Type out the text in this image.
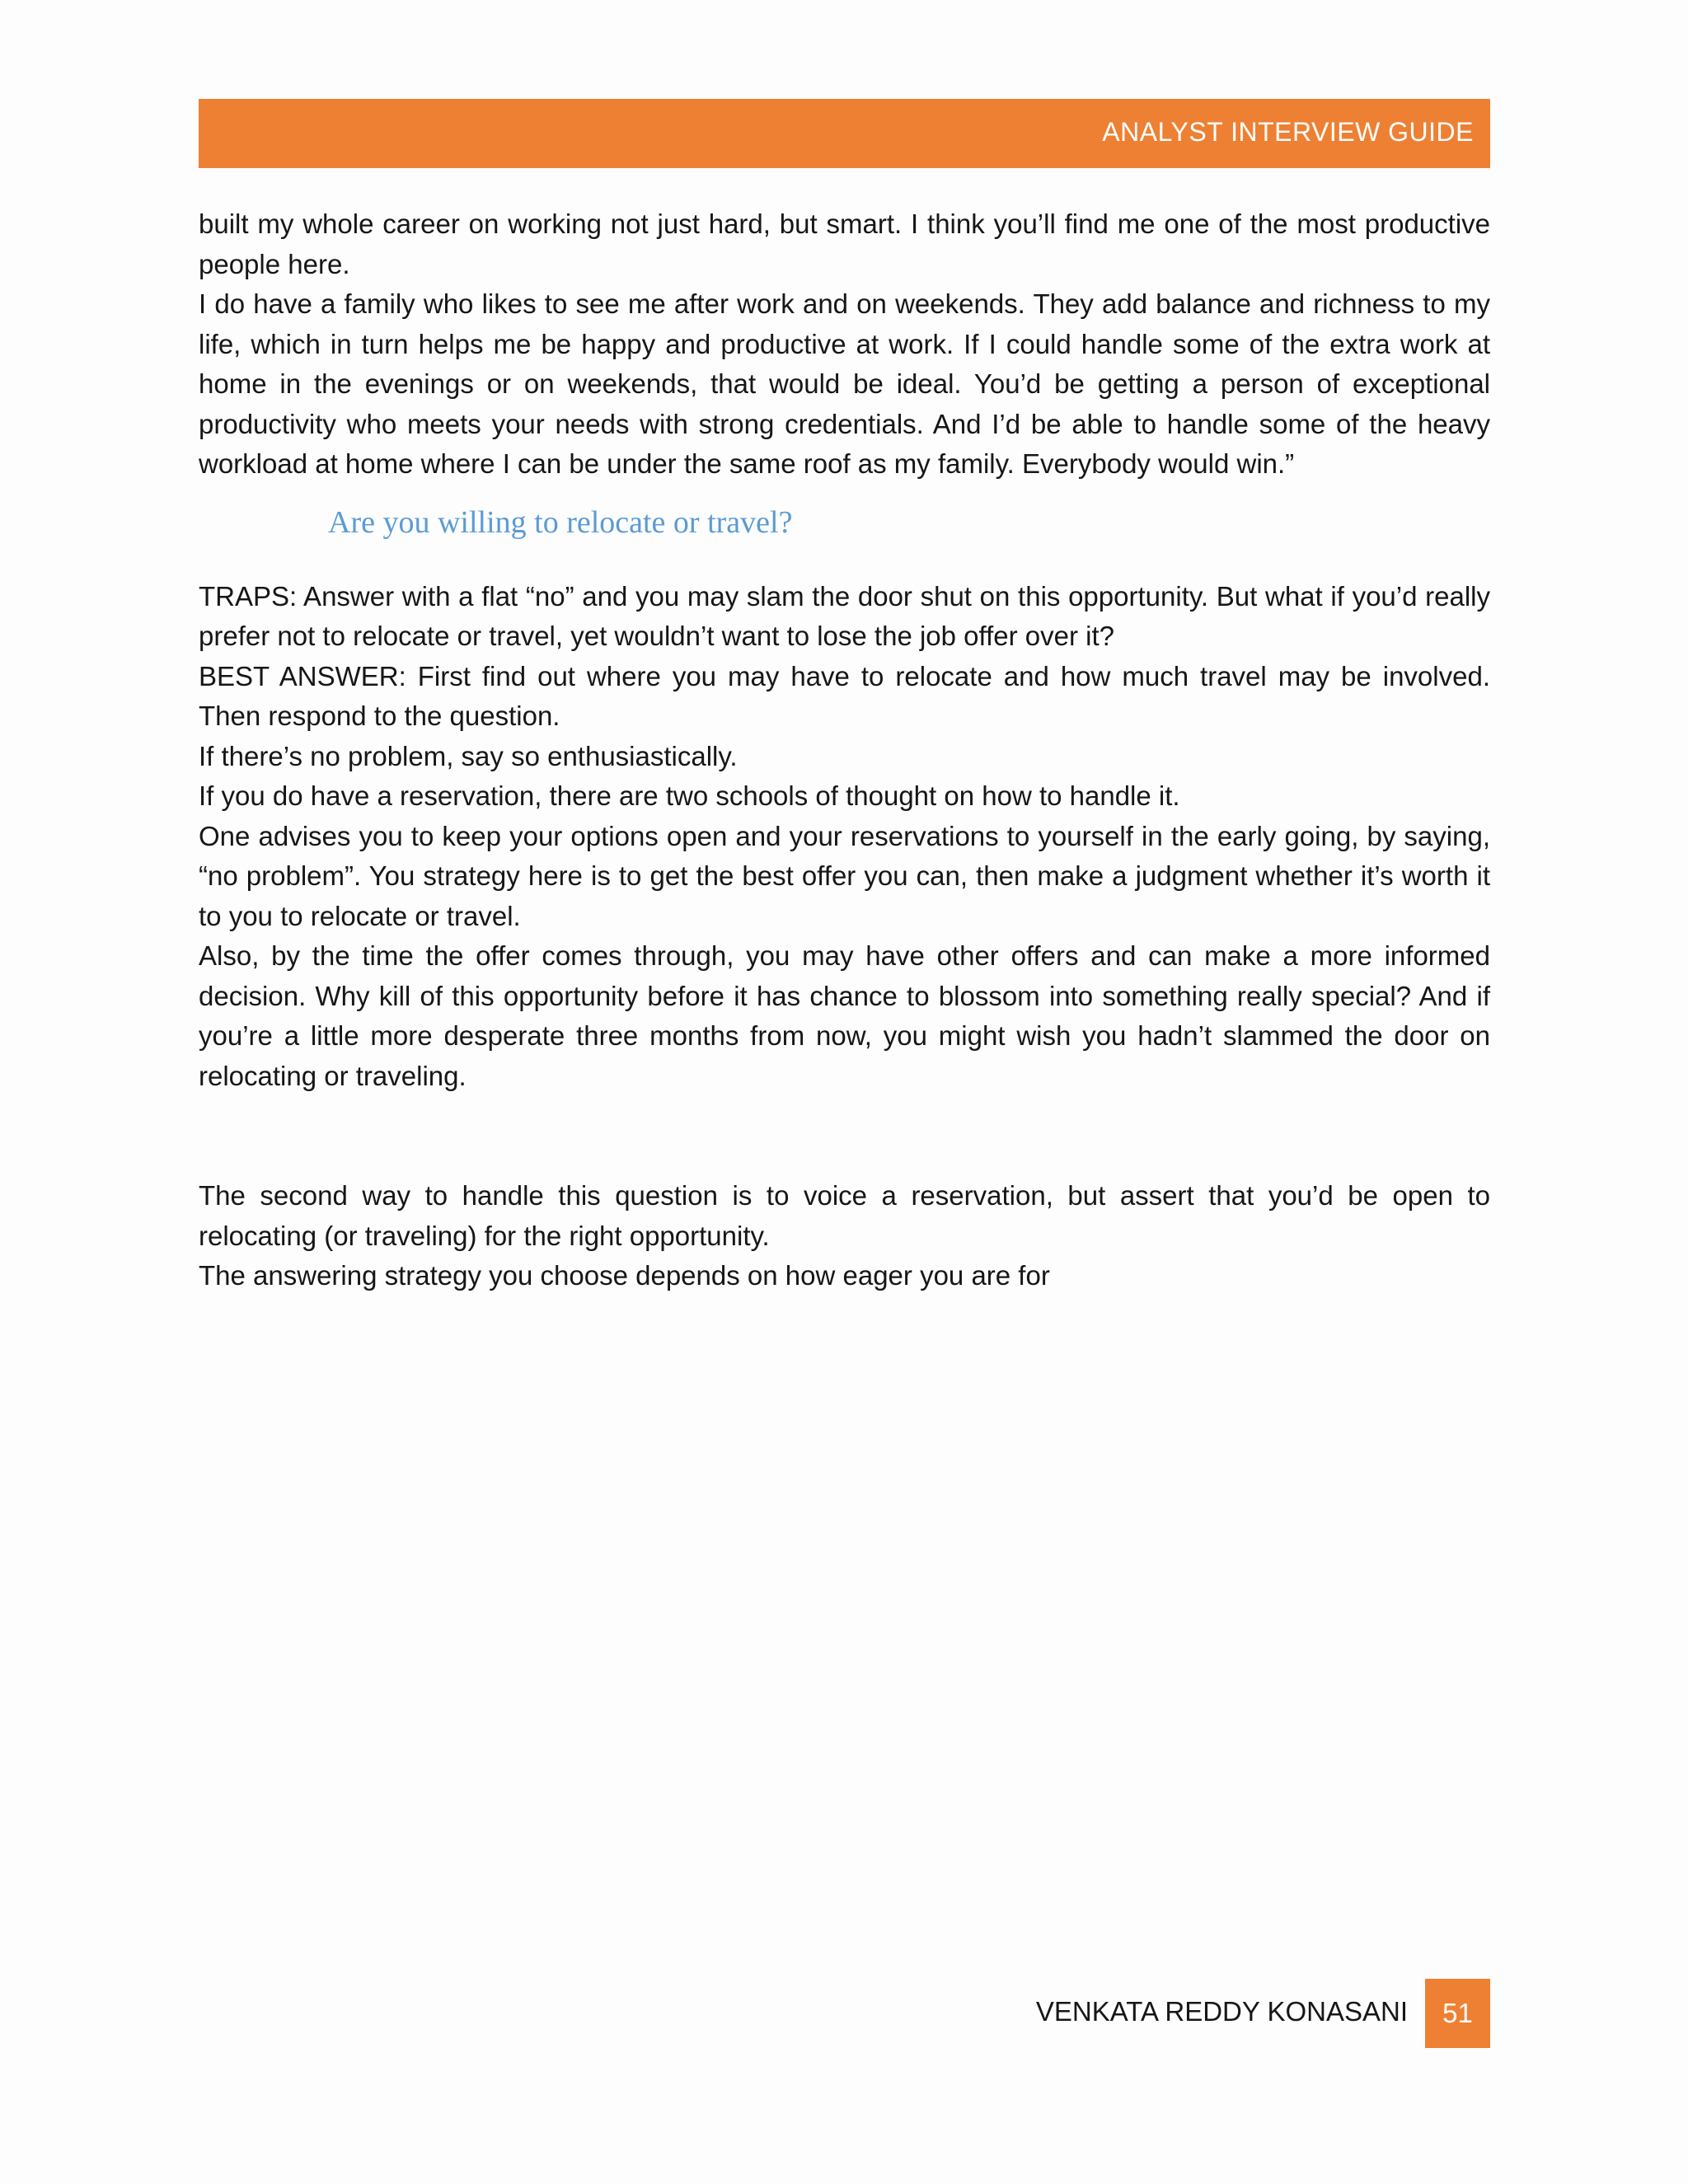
ANALYST INTERVIEW GUIDE

built my whole career on working not just hard, but smart. I think you’ll find me one of the most productive people here.

I do have a family who likes to see me after work and on weekends. They add balance and richness to my life, which in turn helps me be happy and productive at work. If I could handle some of the extra work at home in the evenings or on weekends, that would be ideal. You’d be getting a person of exceptional productivity who meets your needs with strong credentials. And I’d be able to handle some of the heavy workload at home where I can be under the same roof as my family. Everybody would win.”

Are you willing to relocate or travel?

TRAPS: Answer with a flat “no” and you may slam the door shut on this opportunity. But what if you’d really prefer not to relocate or travel, yet wouldn’t want to lose the job offer over it?

BEST ANSWER: First find out where you may have to relocate and how much travel may be involved. Then respond to the question.

If there’s no problem, say so enthusiastically.

If you do have a reservation, there are two schools of thought on how to handle it.

One advises you to keep your options open and your reservations to yourself in the early going, by saying, “no problem”. You strategy here is to get the best offer you can, then make a judgment whether it’s worth it to you to relocate or travel.

Also, by the time the offer comes through, you may have other offers and can make a more informed decision. Why kill of this opportunity before it has chance to blossom into something really special? And if you’re a little more desperate three months from now, you might wish you hadn’t slammed the door on relocating or traveling.

The second way to handle this question is to voice a reservation, but assert that you’d be open to relocating (or traveling) for the right opportunity.

The answering strategy you choose depends on how eager you are for

VENKATA REDDY KONASANI	51
